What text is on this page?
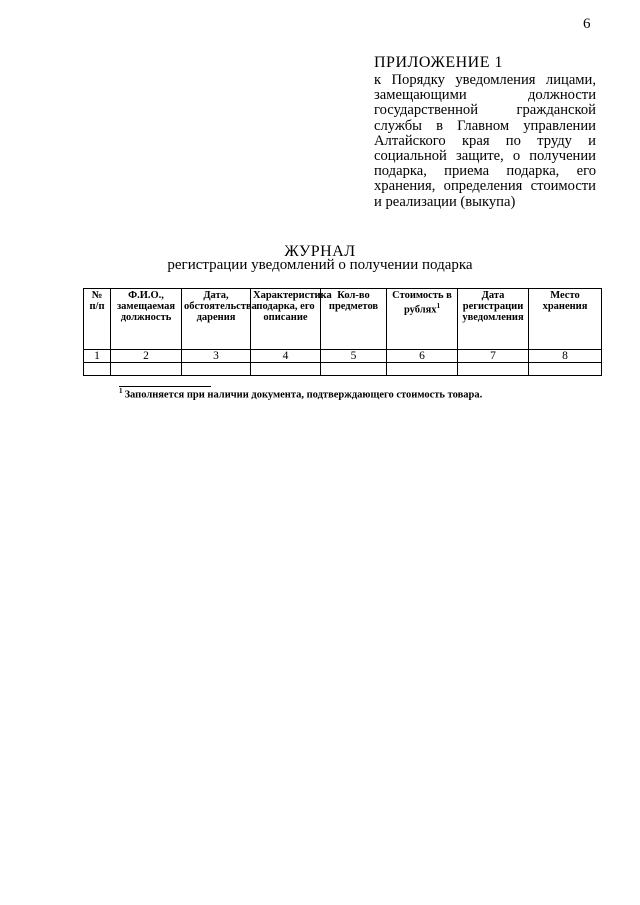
6
ПРИЛОЖЕНИЕ 1
к Порядку уведомления лицами, замещающими должности государственной гражданской службы в Главном управлении Алтайского края по труду и социальной защите, о получении подарка, приема подарка, его хранения, определения стоимости и реализации (выкупа)
ЖУРНАЛ
регистрации уведомлений о получении подарка
№ п/п	Ф.И.О., замещаемая должность	Дата, обстоятельства дарения	Характеристика подарка, его описание	Кол-во предметов	Стоимость в рублях$^1$	Дата регистрации уведомления	Место хранения
1	2	3	4	5	6	7	8

$^1$ Заполняется при наличии документа, подтверждающего стоимость товара.
